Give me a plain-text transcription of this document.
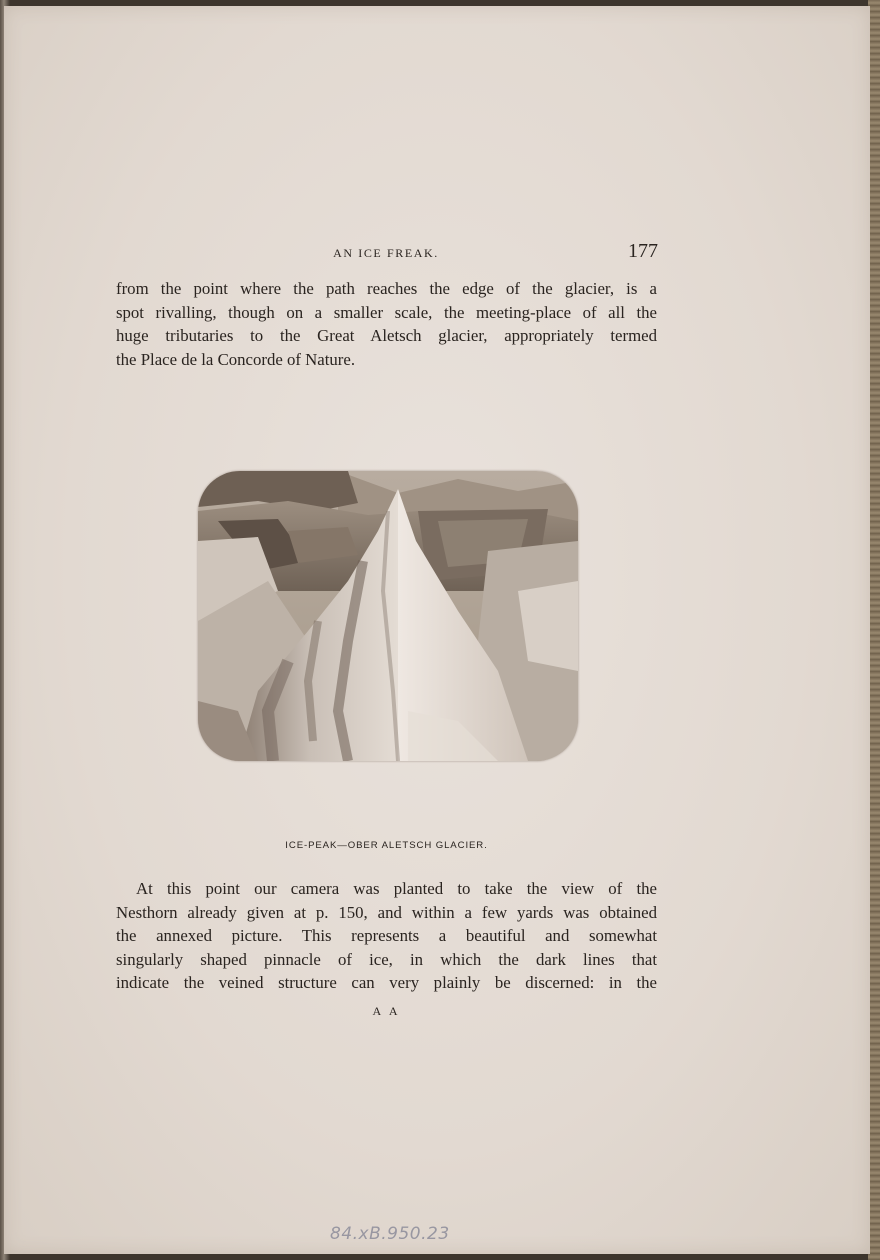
AN ICE FREAK.	177

from the point where the path reaches the edge of the glacier, is a
spot rivalling, though on a smaller scale, the meeting-place of all the
huge tributaries to the Great Aletsch glacier, appropriately termed
the Place de la Concorde of Nature.

ICE-PEAK—OBER ALETSCH GLACIER.

At this point our camera was planted to take the view of the
Nesthorn already given at p. 150, and within a few yards was obtained
the annexed picture. This represents a beautiful and somewhat
singularly shaped pinnacle of ice, in which the dark lines that
indicate the veined structure can very plainly be discerned: in the

A A
84.xB.950.23
